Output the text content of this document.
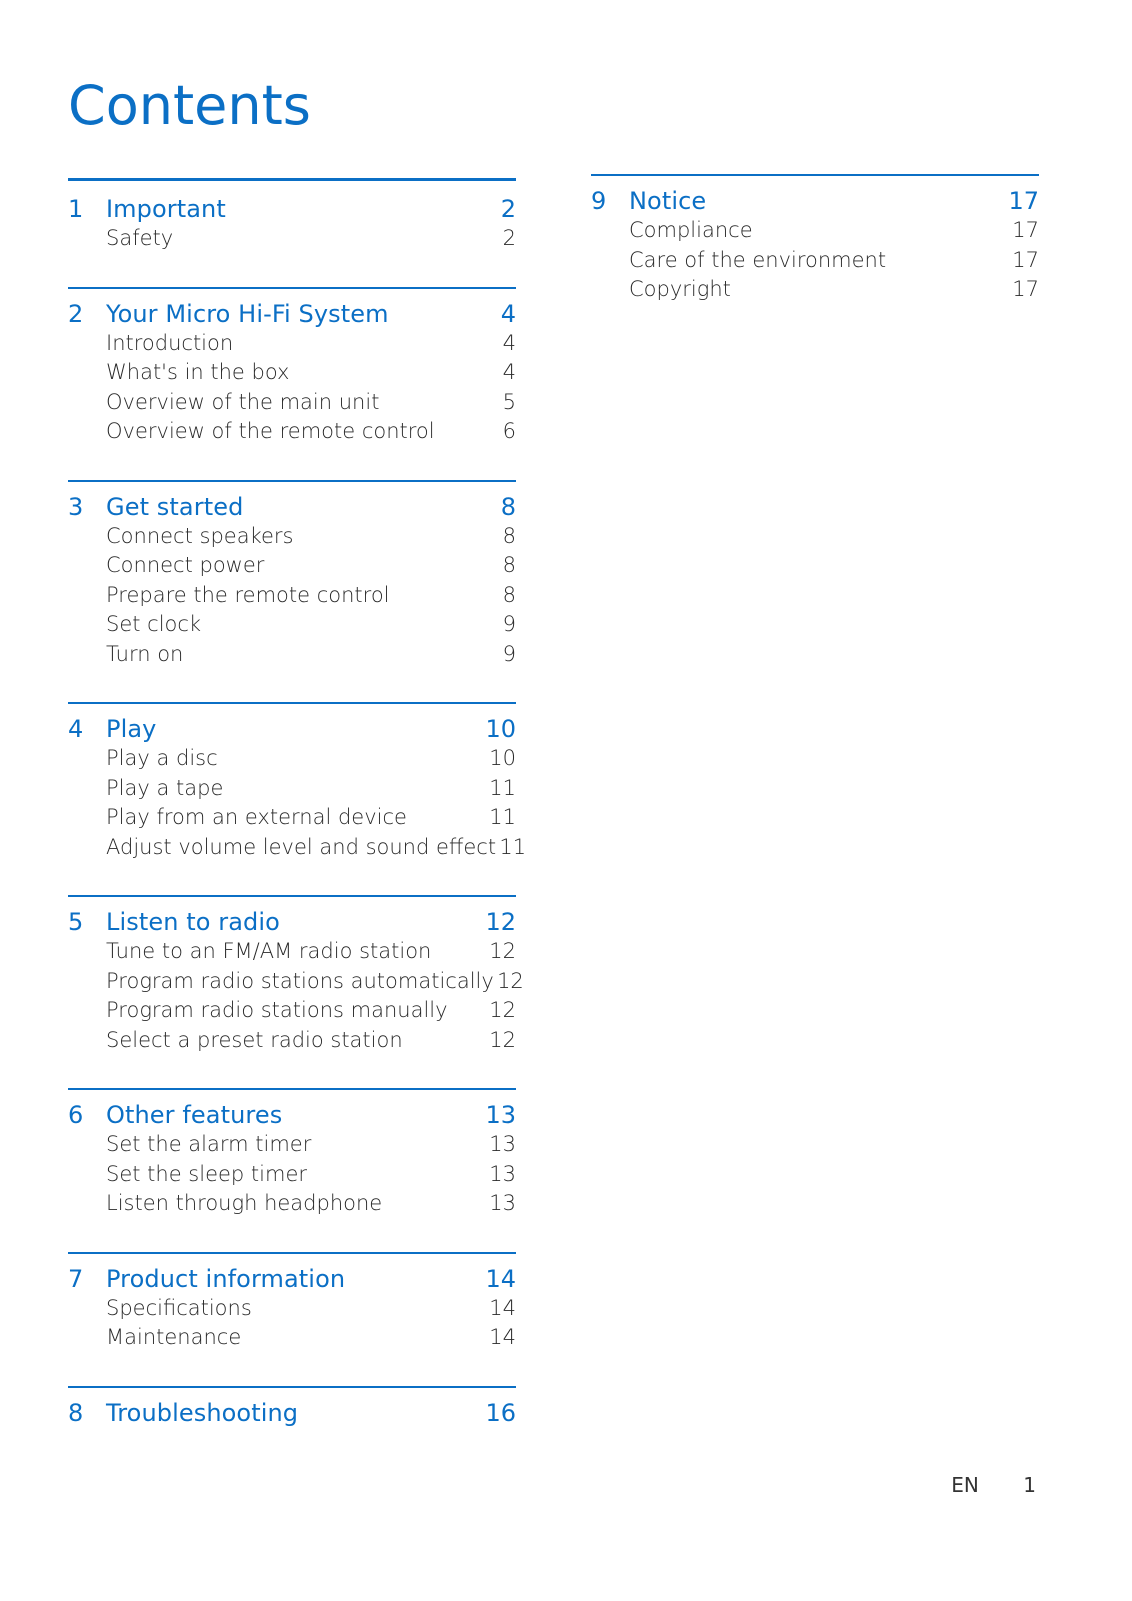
Contents
1 Important	2
Safety	2
2 Your Micro Hi-Fi System	4
Introduction	4
What's in the box	4
Overview of the main unit	5
Overview of the remote control	6
3 Get started	8
Connect speakers	8
Connect power	8
Prepare the remote control	8
Set clock	9
Turn on	9
4 Play	10
Play a disc	10
Play a tape	11
Play from an external device	11
Adjust volume level and sound effect 11
5 Listen to radio	12
Tune to an FM/AM radio station	12
Program radio stations automatically 12
Program radio stations manually	12
Select a preset radio station	12
6 Other features	13
Set the alarm timer	13
Set the sleep timer	13
Listen through headphone	13
7 Product information	14
Specifications	14
Maintenance	14
8 Troubleshooting	16
9 Notice	17
Compliance	17
Care of the environment	17
Copyright	17
EN 1
